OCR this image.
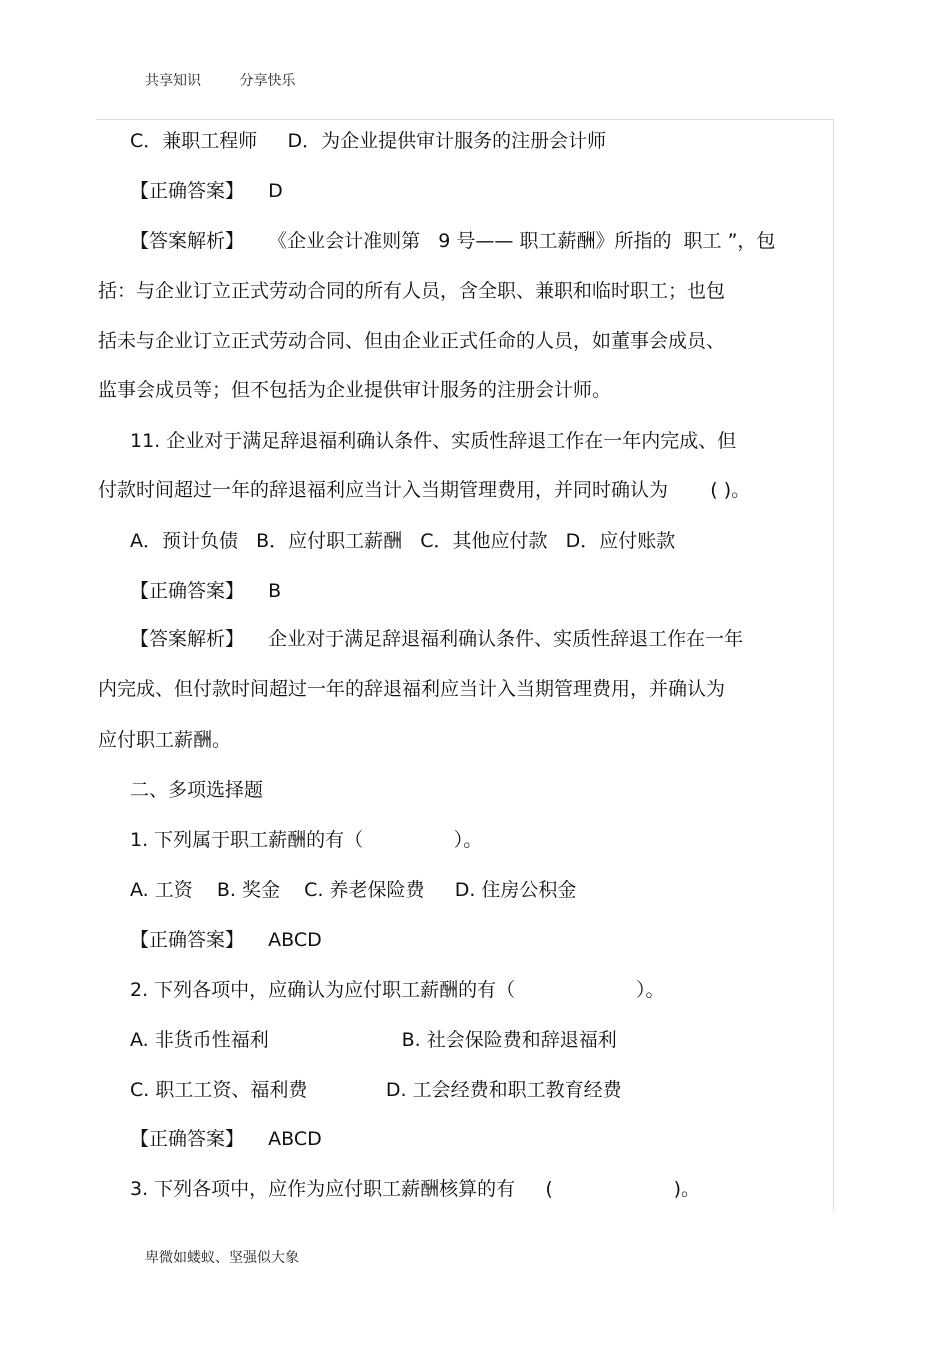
共享知识	分享快乐
C．兼职工程师     D．为企业提供审计服务的注册会计师
【正确答案】    D
【答案解析】    《企业会计准则第   9 号—— 职工薪酬》所指的  职工 ”，包
括：与企业订立正式劳动合同的所有人员，含全职、兼职和临时职工；也包
括未与企业订立正式劳动合同、但由企业正式任命的人员，如董事会成员、
监事会成员等；但不包括为企业提供审计服务的注册会计师。
11. 企业对于满足辞退福利确认条件、实质性辞退工作在一年内完成、但
付款时间超过一年的辞退福利应当计入当期管理费用，并同时确认为       ( )。
A．预计负债   B．应付职工薪酬   C．其他应付款   D．应付账款
【正确答案】    B
【答案解析】    企业对于满足辞退福利确认条件、实质性辞退工作在一年
内完成、但付款时间超过一年的辞退福利应当计入当期管理费用，并确认为
应付职工薪酬。
二、多项选择题
1. 下列属于职工薪酬的有（               ）。
A. 工资    B. 奖金    C. 养老保险费     D. 住房公积金
【正确答案】    ABCD
2. 下列各项中，应确认为应付职工薪酬的有（                    ）。
A. 非货币性福利                      B. 社会保险费和辞退福利
C. 职工工资、福利费             D. 工会经费和职工教育经费
【正确答案】    ABCD
3. 下列各项中，应作为应付职工薪酬核算的有     (                    )。
卑微如蝼蚁、坚强似大象
